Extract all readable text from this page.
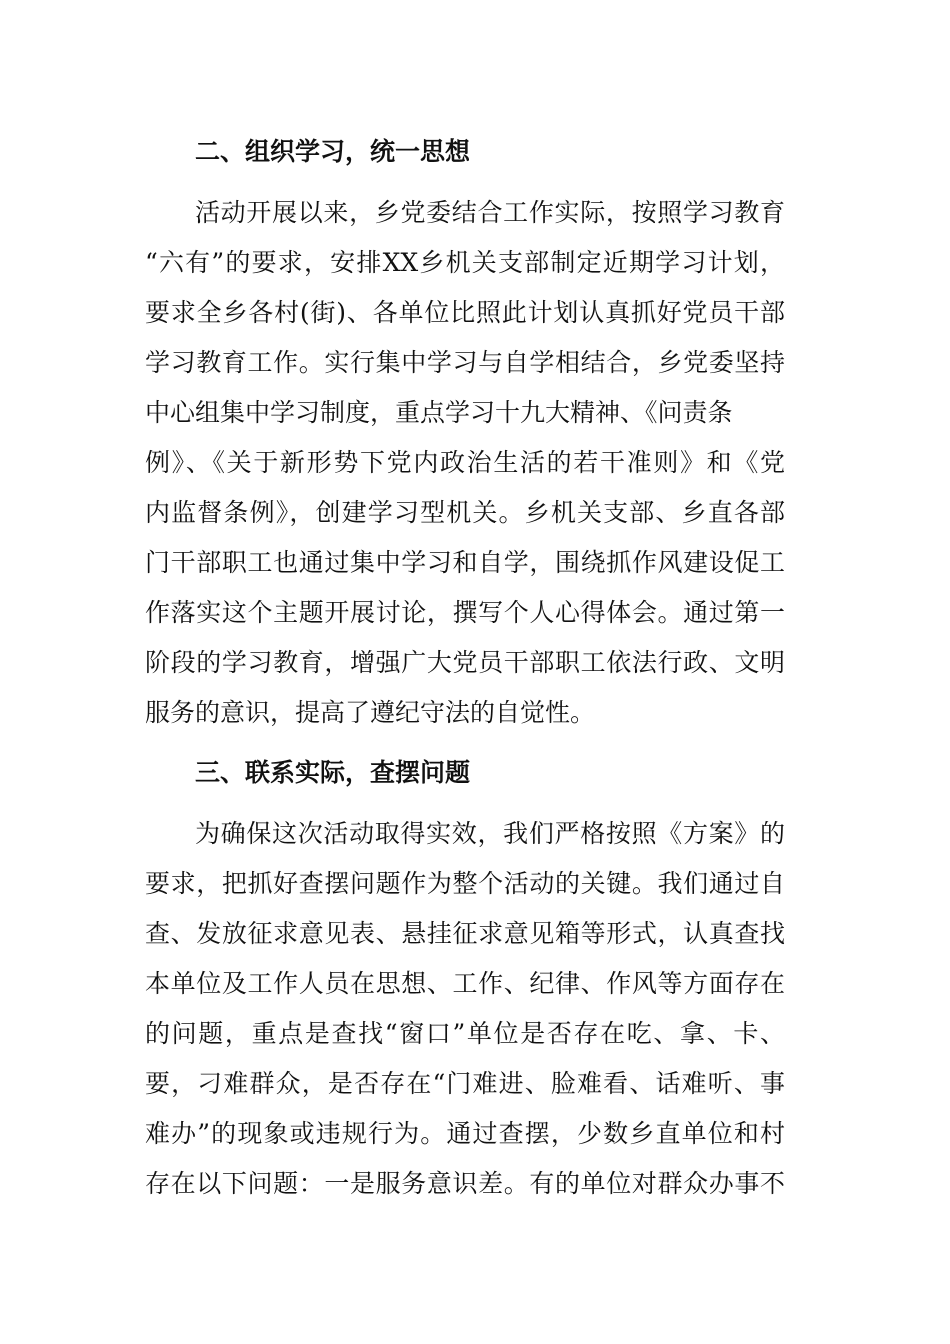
二、组织学习，统一思想
活动开展以来，乡党委结合工作实际，按照学习教育
“六有”的要求，安排XX乡机关支部制定近期学习计划，
要求全乡各村(街)、各单位比照此计划认真抓好党员干部
学习教育工作。实行集中学习与自学相结合，乡党委坚持
中心组集中学习制度，重点学习十九大精神、《问责条
例》、《关于新形势下党内政治生活的若干准则》和《党
内监督条例》，创建学习型机关。乡机关支部、乡直各部
门干部职工也通过集中学习和自学，围绕抓作风建设促工
作落实这个主题开展讨论，撰写个人心得体会。通过第一
阶段的学习教育，增强广大党员干部职工依法行政、文明
服务的意识，提高了遵纪守法的自觉性。
三、联系实际，查摆问题
为确保这次活动取得实效，我们严格按照《方案》的
要求，把抓好查摆问题作为整个活动的关键。我们通过自
查、发放征求意见表、悬挂征求意见箱等形式，认真查找
本单位及工作人员在思想、工作、纪律、作风等方面存在
的问题，重点是查找“窗口”单位是否存在吃、拿、卡、
要，刁难群众，是否存在“门难进、脸难看、话难听、事
难办”的现象或违规行为。通过查摆，少数乡直单位和村
存在以下问题：一是服务意识差。有的单位对群众办事不
